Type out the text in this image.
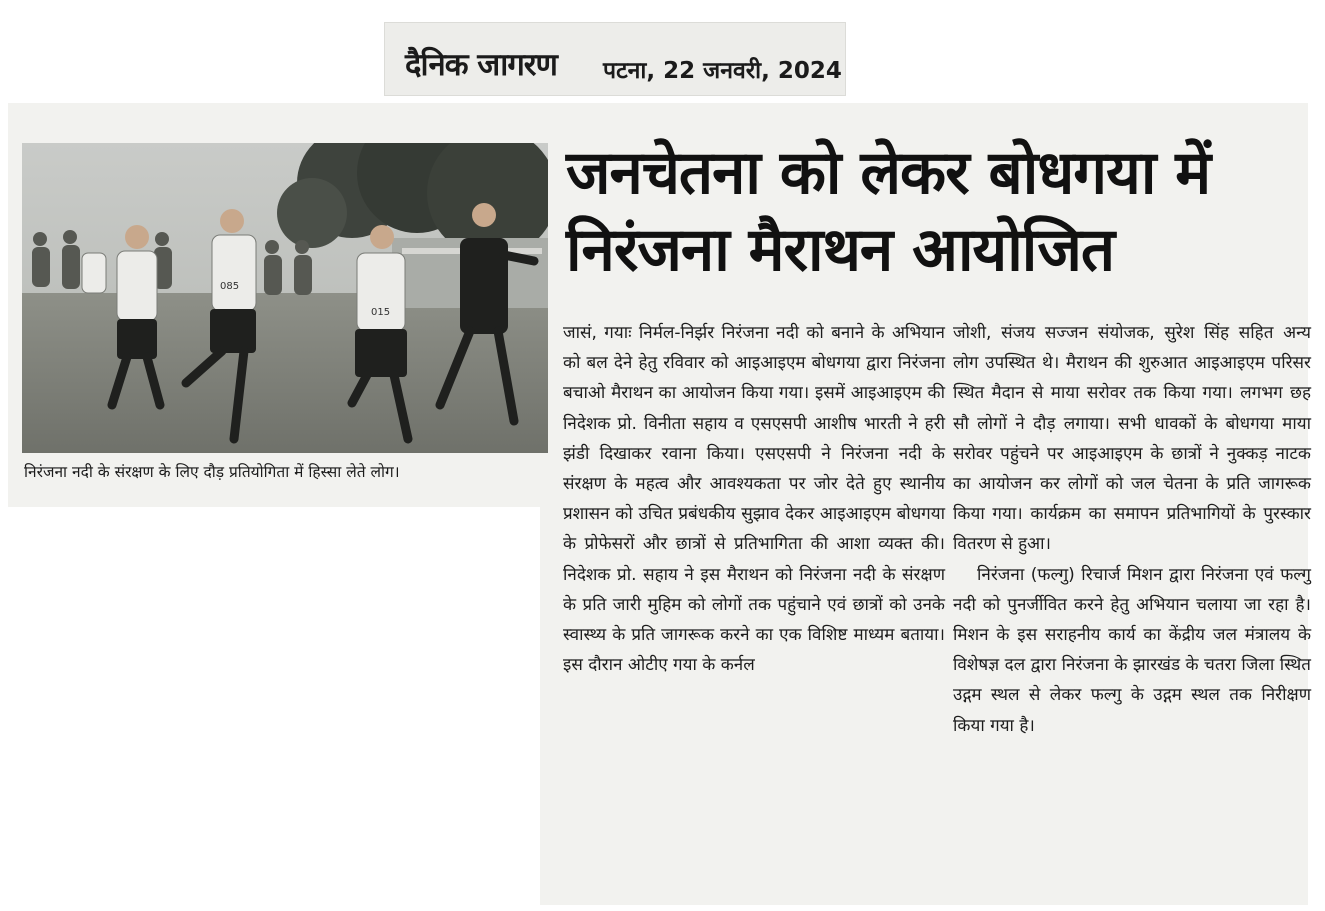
दैनिक जागरण पटना, 22 जनवरी, 2024
जनचेतना को लेकर बोधगया में निरंजना मैराथन आयोजित
085
015
निरंजना नदी के संरक्षण के लिए दौड़ प्रतियोगिता में हिस्सा लेते लोग।

जासं, गयाः निर्मल-निर्झर निरंजना नदी को बनाने के अभियान को बल देने हेतु रविवार को आइआइएम बोधगया द्वारा निरंजना बचाओ मैराथन का आयोजन किया गया। इसमें आइआइएम की निदेशक प्रो. विनीता सहाय व एसएसपी आशीष भारती ने हरी झंडी दिखाकर रवाना किया। एसएसपी ने निरंजना नदी के संरक्षण के महत्व और आवश्यकता पर जोर देते हुए स्थानीय प्रशासन को उचित प्रबंधकीय सुझाव देकर आइआइएम बोधगया के प्रोफेसरों और छात्रों से प्रतिभागिता की आशा व्यक्त की। निदेशक प्रो. सहाय ने इस मैराथन को निरंजना नदी के संरक्षण के प्रति जारी मुहिम को लोगों तक पहुंचाने एवं छात्रों को उनके स्वास्थ्य के प्रति जागरूक करने का एक विशिष्ट माध्यम बताया। इस दौरान ओटीए गया के कर्नल

जोशी, संजय सज्जन संयोजक, सुरेश सिंह सहित अन्य लोग उपस्थित थे। मैराथन की शुरुआत आइआइएम परिसर स्थित मैदान से माया सरोवर तक किया गया। लगभग छह सौ लोगों ने दौड़ लगाया। सभी धावकों के बोधगया माया सरोवर पहुंचने पर आइआइएम के छात्रों ने नुक्कड़ नाटक का आयोजन कर लोगों को जल चेतना के प्रति जागरूक किया गया। कार्यक्रम का समापन प्रतिभागियों के पुरस्कार वितरण से हुआ।

निरंजना (फल्गु) रिचार्ज मिशन द्वारा निरंजना एवं फल्गु नदी को पुनर्जीवित करने हेतु अभियान चलाया जा रहा है। मिशन के इस सराहनीय कार्य का केंद्रीय जल मंत्रालय के विशेषज्ञ दल द्वारा निरंजना के झारखंड के चतरा जिला स्थित उद्गम स्थल से लेकर फल्गु के उद्गम स्थल तक निरीक्षण किया गया है।
